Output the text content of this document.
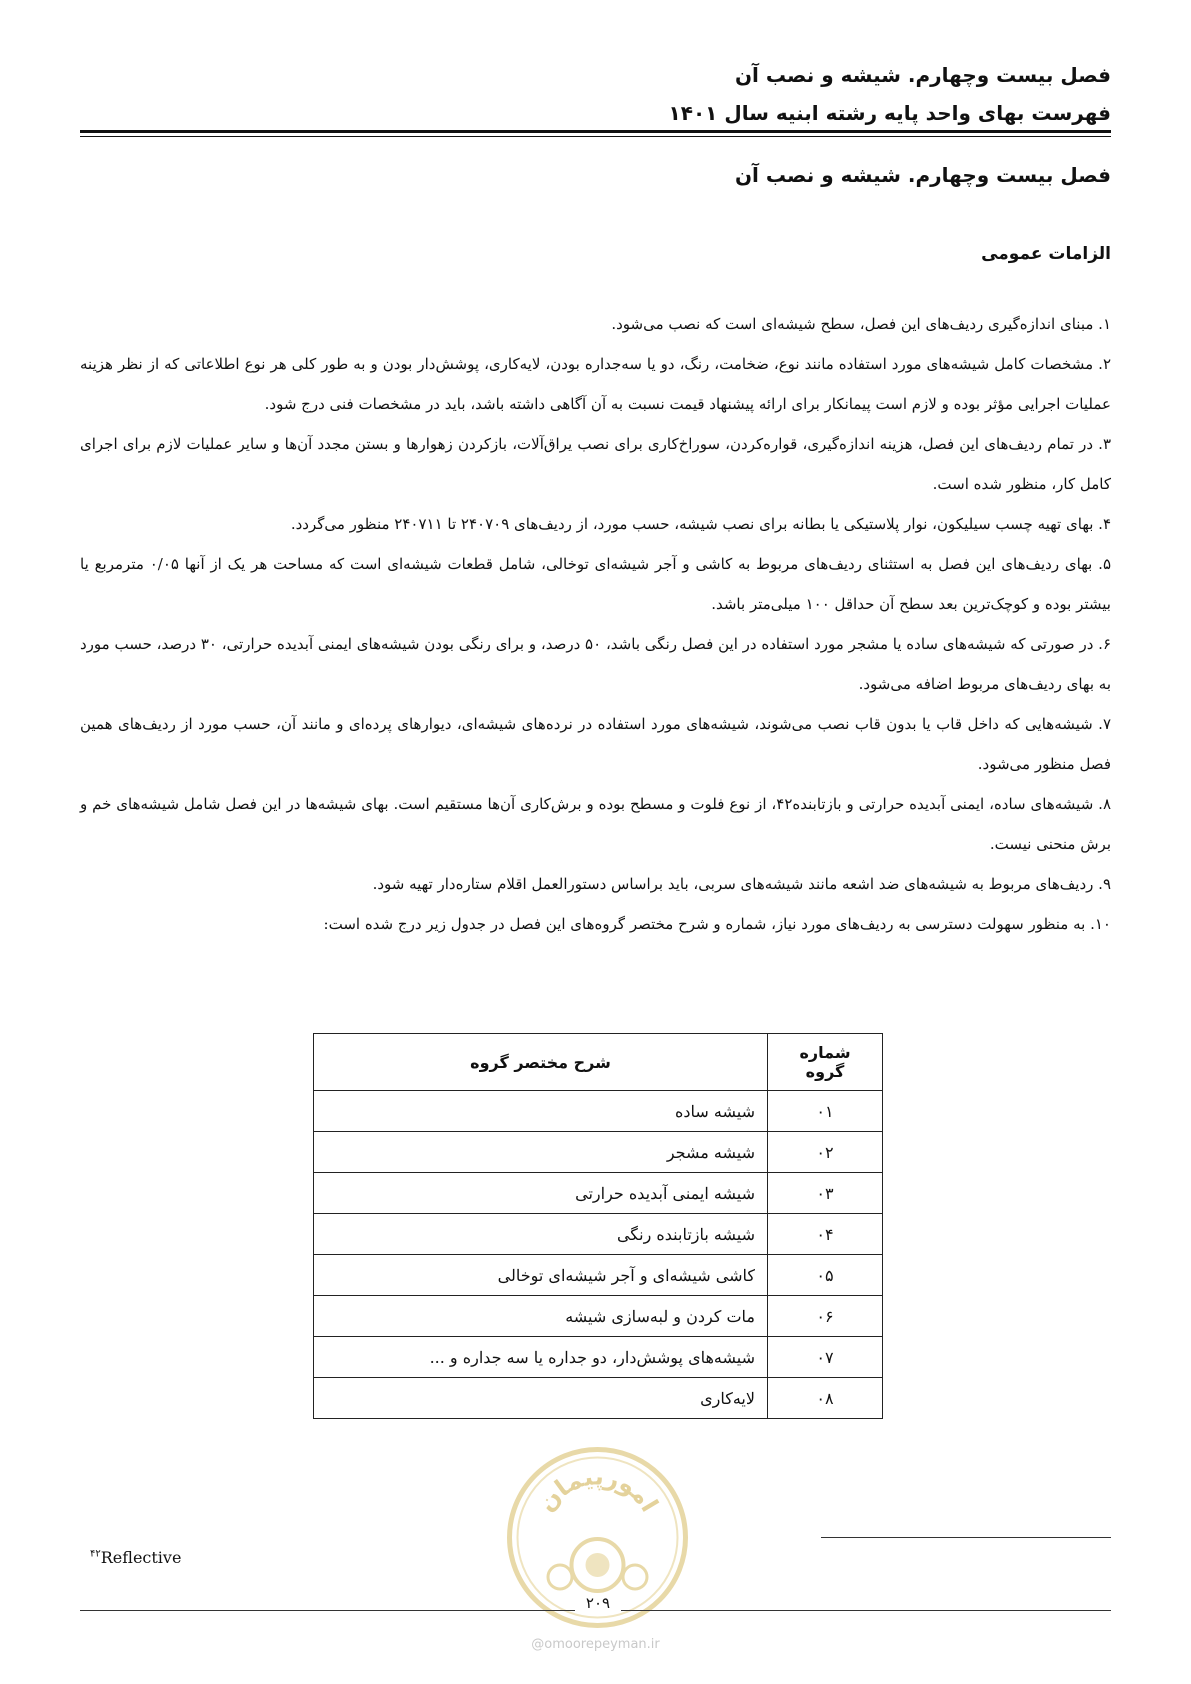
فصل بیست وچهارم. شیشه و نصب آن
فهرست بهای واحد پایه رشته ابنیه سال ۱۴۰۱
فصل بیست وچهارم. شیشه و نصب آن
الزامات عمومی
۱. مبنای اندازه‌گیری ردیف‌های این فصل، سطح شیشه‌ای است که نصب می‌شود.
۲. مشخصات کامل شیشه‌های مورد استفاده مانند نوع، ضخامت، رنگ، دو یا سه‌جداره بودن، لایه‌کاری، پوشش‌دار بودن و به طور کلی هر نوع اطلاعاتی که از نظر هزینه عملیات اجرایی مؤثر بوده و لازم است پیمانکار برای ارائه پیشنهاد قیمت نسبت به آن آگاهی داشته باشد، باید در مشخصات فنی درج شود.
۳. در تمام ردیف‌های این فصل، هزینه اندازه‌گیری، قواره‌کردن، سوراخ‌کاری برای نصب یراق‌آلات، بازکردن زهوارها و بستن مجدد آن‌ها و سایر عملیات لازم برای اجرای کامل کار، منظور شده است.
۴. بهای تهیه چسب سیلیکون، نوار پلاستیکی یا بطانه برای نصب شیشه، حسب مورد، از ردیف‌های ۲۴۰۷۰۹ تا ۲۴۰۷۱۱ منظور می‌گردد.
۵. بهای ردیف‌های این فصل به استثنای ردیف‌های مربوط به کاشی و آجر شیشه‌ای توخالی، شامل قطعات شیشه‌ای است که مساحت هر یک از آنها ۰/۰۵ مترمربع یا بیشتر بوده و کوچک‌ترین بعد سطح آن حداقل ۱۰۰ میلی‌متر باشد.
۶. در صورتی که شیشه‌های ساده یا مشجر مورد استفاده در این فصل رنگی باشد، ۵۰ درصد، و برای رنگی بودن شیشه‌های ایمنی آبدیده حرارتی، ۳۰ درصد، حسب مورد به بهای ردیف‌های مربوط اضافه می‌شود.
۷. شیشه‌هایی که داخل قاب یا بدون قاب نصب می‌شوند، شیشه‌های مورد استفاده در نرده‌های شیشه‌ای، دیوارهای پرده‌ای و مانند آن، حسب مورد از ردیف‌های همین فصل منظور می‌شود.
۸. شیشه‌های ساده، ایمنی آبدیده حرارتی و بازتابنده۴۲، از نوع فلوت و مسطح بوده و برش‌کاری آن‌ها مستقیم است. بهای شیشه‌ها در این فصل شامل شیشه‌های خم و برش منحنی نیست.
۹. ردیف‌های مربوط به شیشه‌های ضد اشعه مانند شیشه‌های سربی، باید براساس دستورالعمل اقلام ستاره‌دار تهیه شود.
۱۰. به منظور سهولت دسترسی به ردیف‌های مورد نیاز، شماره و شرح مختصر گروه‌های این فصل در جدول زیر درج شده است:
شماره گروه	شرح مختصر گروه
۰۱	شیشه ساده
۰۲	شیشه مشجر
۰۳	شیشه ایمنی آبدیده حرارتی
۰۴	شیشه بازتابنده رنگی
۰۵	کاشی شیشه‌ای و آجر شیشه‌ای توخالی
۰۶	مات کردن و لبه‌سازی شیشه
۰۷	شیشه‌های پوشش‌دار، دو جداره یا سه جداره و ...
۰۸	لایه‌کاری
امورپیمان
$^{۴۲}$Reflective
۲۰۹
@omoorepeyman.ir
